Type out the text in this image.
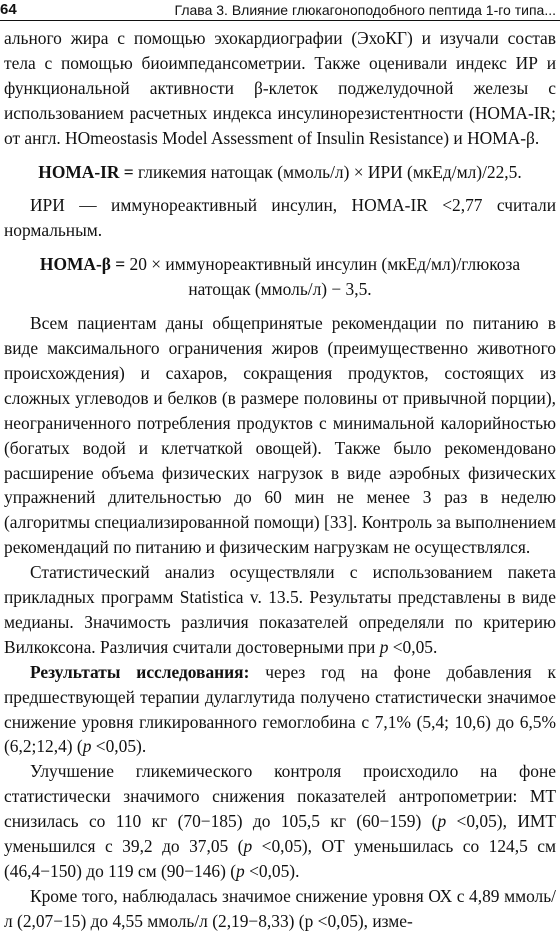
64	Глава 3. Влияние глюкагоноподобного пептида 1-го типа...

ального жира с помощью эхокардиографии (ЭхоКГ) и изучали состав тела с помощью биоимпедансометрии. Также оценивали индекс ИР и функциональной активности β-клеток поджелудочной железы с использованием расчетных индекса инсулинорезистентности (HOMA-IR; от англ. HOmeostasis Model Assessment of Insulin Resistance) и HOMA-β.

HOMA-IR = гликемия натощак (ммоль/л) × ИРИ (мкЕд/мл)/22,5.

ИРИ — иммунореактивный инсулин, HOMA-IR <2,77 считали нормальным.

HOMA-β = 20 × иммунореактивный инсулин (мкЕд/мл)/глюкоза
натощак (ммоль/л) − 3,5.

Всем пациентам даны общепринятые рекомендации по питанию в виде максимального ограничения жиров (преимущественно животного происхождения) и сахаров, сокращения продуктов, состоящих из сложных углеводов и белков (в размере половины от привычной порции), неограниченного потребления продуктов с минимальной калорийностью (богатых водой и клетчаткой овощей). Также было рекомендовано расширение объема физических нагрузок в виде аэробных физических упражнений длительностью до 60 мин не менее 3 раз в неделю (алгоритмы специализированной помощи) [33]. Контроль за выполнением рекомендаций по питанию и физическим нагрузкам не осуществлялся.

Статистический анализ осуществляли с использованием пакета прикладных программ Statistica v. 13.5. Результаты представлены в виде медианы. Значимость различия показателей определяли по критерию Вилкоксона. Различия считали достоверными при p <0,05.

Результаты исследования: через год на фоне добавления к предшествующей терапии дулаглутида получено статистически значимое снижение уровня гликированного гемоглобина с 7,1% (5,4; 10,6) до 6,5% (6,2;12,4) (p <0,05).

Улучшение гликемического контроля происходило на фоне статистически значимого снижения показателей антропометрии: МТ снизилась со 110 кг (70−185) до 105,5 кг (60−159) (p <0,05), ИМТ уменьшился с 39,2 до 37,05 (p <0,05), ОТ уменьшилась со 124,5 см (46,4−150) до 119 см (90−146) (p <0,05).

Кроме того, наблюдалась значимое снижение уровня ОХ с 4,89 ммоль/л (2,07−15) до 4,55 ммоль/л (2,19−8,33) (p <0,05), изме-
